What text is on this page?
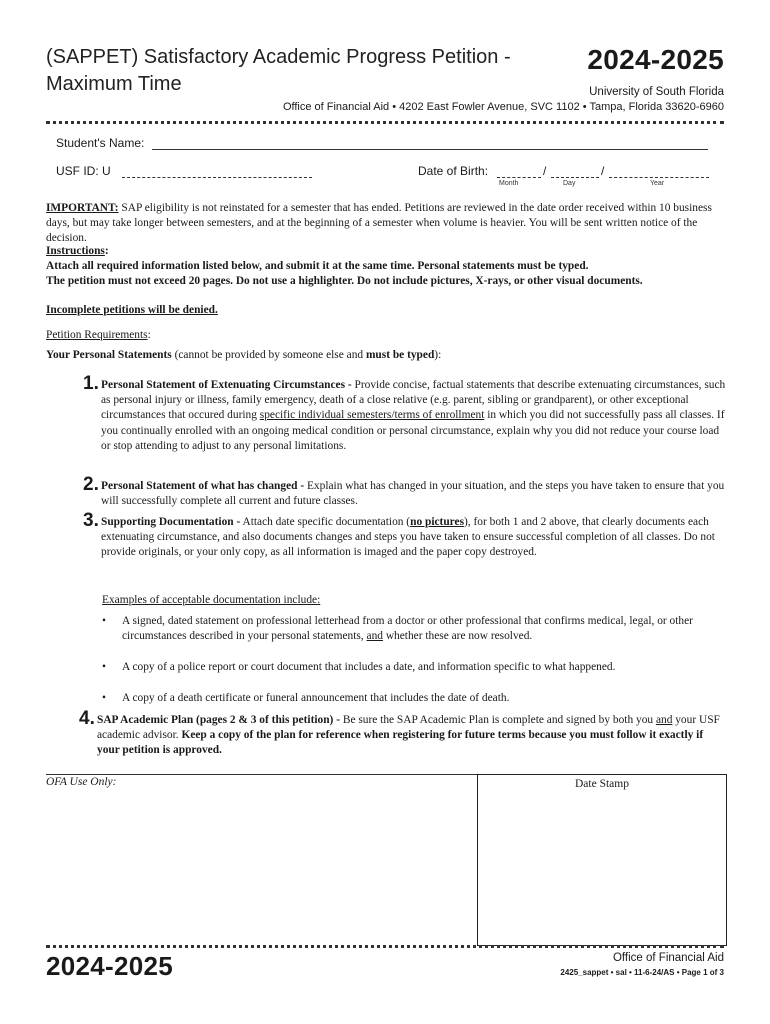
(SAPPET) Satisfactory Academic Progress Petition -
Maximum Time
2024-2025
University of South Florida
Office of Financial Aid • 4202 East Fowler Avenue, SVC 1102 • Tampa, Florida 33620-6960
Student's Name:
USF ID: U	Date of Birth:	/	/
Month	Day	Year
IMPORTANT: SAP eligibility is not reinstated for a semester that has ended. Petitions are reviewed in the date order received within 10 business days, but may take longer between semesters, and at the beginning of a semester when volume is heavier. You will be sent written notice of the decision.
Instructions:
Attach all required information listed below, and submit it at the same time. Personal statements must be typed.
The petition must not exceed 20 pages. Do not use a highlighter. Do not include pictures, X-rays, or other visual documents.
Incomplete petitions will be denied.
Petition Requirements:
Your Personal Statements (cannot be provided by someone else and must be typed):
1. Personal Statement of Extenuating Circumstances - Provide concise, factual statements that describe extenuating circumstances, such as personal injury or illness, family emergency, death of a close relative (e.g. parent, sibling or grandparent), or other exceptional circumstances that occured during specific individual semesters/terms of enrollment in which you did not successfully pass all classes. If you continually enrolled with an ongoing medical condition or personal circumstance, explain why you did not reduce your course load or stop attending to adjust to any personal limitations.
2. Personal Statement of what has changed - Explain what has changed in your situation, and the steps you have taken to ensure that you will successfully complete all current and future classes.
3. Supporting Documentation - Attach date specific documentation (no pictures), for both 1 and 2 above, that clearly documents each extenuating circumstance, and also documents changes and steps you have taken to ensure successful completion of all classes. Do not provide originals, or your only copy, as all information is imaged and the paper copy destroyed.
Examples of acceptable documentation include:
• A signed, dated statement on professional letterhead from a doctor or other professional that confirms medical, legal, or other circumstances described in your personal statements, and whether these are now resolved.
• A copy of a police report or court document that includes a date, and information specific to what happened.
• A copy of a death certificate or funeral announcement that includes the date of death.
4. SAP Academic Plan (pages 2 & 3 of this petition) - Be sure the SAP Academic Plan is complete and signed by both you and your USF academic advisor. Keep a copy of the plan for reference when registering for future terms because you must follow it exactly if your petition is approved.
OFA Use Only:	Date Stamp
2024-2025	Office of Financial Aid
2425_sappet • sal • 11-6-24/AS • Page 1 of 3
